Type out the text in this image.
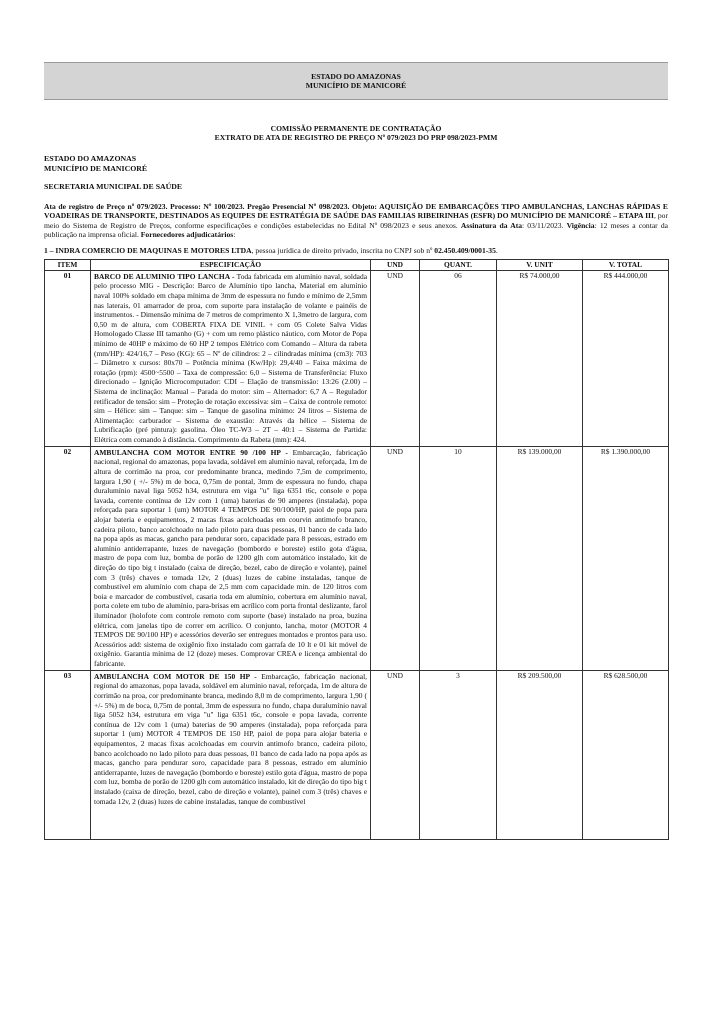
ESTADO DO AMAZONAS
MUNICÍPIO DE MANICORÉ
COMISSÃO PERMANENTE DE CONTRATAÇÃO
EXTRATO DE ATA DE REGISTRO DE PREÇO Nº 079/2023 DO PRP 098/2023-PMM
ESTADO DO AMAZONAS
MUNICÍPIO DE MANICORÉ
SECRETARIA MUNICIPAL DE SAÚDE
Ata de registro de Preço nº 079/2023. Processo: Nº 100/2023. Pregão Presencial Nº 098/2023. Objeto: AQUISIÇÃO DE EMBARCAÇÕES TIPO AMBULANCHAS, LANCHAS RÁPIDAS E VOADEIRAS DE TRANSPORTE, DESTINADOS AS EQUIPES DE ESTRATÉGIA DE SAÚDE DAS FAMILIAS RIBEIRINHAS (ESFR) DO MUNICÍPIO DE MANICORÉ – ETAPA III, por meio do Sistema de Registro de Preços, conforme especificações e condições estabelecidas no Edital Nº 098/2023 e seus anexos. Assinatura da Ata: 03/11/2023. Vigência: 12 meses a contar da publicação na imprensa oficial. Fornecedores adjudicatários:
1 – INDRA COMERCIO DE MAQUINAS E MOTORES LTDA, pessoa jurídica de direito privado, inscrita no CNPJ sob nº 02.450.409/0001-35.
ITEM	ESPECIFICAÇÃO	UND	QUANT.	V. UNIT	V. TOTAL
01	BARCO DE ALUMINIO TIPO LANCHA - Toda fabricada em alumínio naval, soldada pelo processo MIG - Descrição: Barco de Alumínio tipo lancha, Material em alumínio naval 100% soldado em chapa mínima de 3mm de espessura no fundo e mínimo de 2,5mm nas laterais, 01 amarrador de proa, com suporte para instalação de volante e painéis de instrumentos. - Dimensão mínima de 7 metros de comprimento X 1,3metro de largura, com 0,50 m de altura, com COBERTA FIXA DE VINIL + com 05 Colete Salva Vidas Homologado Classe III tamanho (G) + com um remo plástico náutico, com Motor de Popa mínimo de 40HP e máximo de 60 HP 2 tempos Elétrico com Comando – Altura da rabeta (mm/HP): 424/16,7 – Peso (KG): 65 – Nº de cilindros: 2 – cilindradas mínima (cm3): 703 – Diâmetro x cursos: 80x70 – Potência mínima (Kw/Hp): 29,4/40 – Faixa máxima de rotação (rpm): 4500~5500 – Taxa de compressão: 6,0 – Sistema de Transferência: Fluxo direcionado – Ignição Microcomputador: CDI – Elação de transmissão: 13:26 (2.00) – Sistema de inclinação: Manual – Parada do motor: sim – Alternador: 6,7 A – Regulador retificador de tensão: sim – Proteção de rotação excessiva: sim – Caixa de controle remoto: sim – Hélice: sim – Tanque: sim – Tanque de gasolina mínimo: 24 litros – Sistema de Alimentação: carburador – Sistema de exaustão: Através da hélice – Sistema de Lubrificação (pré pintura): gasolina. Óleo TC-W3 – 2T – 40:1 – Sistema de Partida: Elétrica com comando à distância. Comprimento da Rabeta (mm): 424.	UND	06	R$ 74.000,00	R$ 444.000,00
02	AMBULANCHA COM MOTOR ENTRE 90 /100 HP - Embarcação, fabricação nacional, regional do amazonas, popa lavada, soldável em alumínio naval, reforçada, 1m de altura de corrimão na proa, cor predominante branca, medindo 7,5m de comprimento, largura 1,90 ( +/- 5%) m de boca, 0,75m de pontal, 3mm de espessura no fundo, chapa duralumínio naval liga 5052 h34, estrutura em viga "u" liga 6351 t6c, console e popa lavada, corrente contínua de 12v com 1 (uma) baterias de 90 amperes (instalada), popa reforçada para suportar 1 (um) MOTOR 4 TEMPOS DE 90/100/HP, paiol de popa para alojar bateria e equipamentos, 2 macas fixas acolchoadas em courvin antimofo branco, cadeira piloto, banco acolchoado no lado piloto para duas pessoas, 01 banco de cada lado na popa após as macas, gancho para pendurar soro, capacidade para 8 pessoas, estrado em alumínio antiderrapante, luzes de navegação (bombordo e boreste) estilo gota d'água, mastro de popa com luz, bomba de porão de 1200 glh com automático instalado, kit de direção do tipo big t instalado (caixa de direção, bezel, cabo de direção e volante), painel com 3 (três) chaves e tomada 12v, 2 (duas) luzes de cabine instaladas, tanque de combustível em alumínio com chapa de 2,5 mm com capacidade min. de 120 litros com boia e marcador de combustível, casaria toda em alumínio, cobertura em alumínio naval, porta colete em tubo de alumínio, para-brisas em acrílico com porta frontal deslizante, farol iluminador (holofote com controle remoto com suporte (base) instalado na proa, buzina elétrica, com janelas tipo de correr em acrílico. O conjunto, lancha, motor (MOTOR 4 TEMPOS DE 90/100 HP) e acessórios deverão ser entregues montados e prontos para uso. Acessórios add: sistema de oxigênio fixo instalado com garrafa de 10 lt e 01 kit móvel de oxigênio. Garantia mínima de 12 (doze) meses. Comprovar CREA e licença ambiental do fabricante.	UND	10	R$ 139.000,00	R$ 1.390.000,00
03	AMBULANCHA COM MOTOR DE 150 HP - Embarcação, fabricação nacional, regional do amazonas, popa lavada, soldável em alumínio naval, reforçada, 1m de altura de corrimão na proa, cor predominante branca, medindo 8,0 m de comprimento, largura 1,90 ( +/- 5%) m de boca, 0,75m de pontal, 3mm de espessura no fundo, chapa duralumínio naval liga 5052 h34, estrutura em viga "u" liga 6351 t6c, console e popa lavada, corrente contínua de 12v com 1 (uma) baterias de 90 amperes (instalada), popa reforçada para suportar 1 (um) MOTOR 4 TEMPOS DE 150 HP, paiol de popa para alojar bateria e equipamentos, 2 macas fixas acolchoadas em courvin antimofo branco, cadeira piloto, banco acolchoado no lado piloto para duas pessoas, 01 banco de cada lado na popa após as macas, gancho para pendurar soro, capacidade para 8 pessoas, estrado em alumínio antiderrapante, luzes de navegação (bombordo e boreste) estilo gota d'água, mastro de popa com luz, bomba de porão de 1200 glh com automático instalado, kit de direção do tipo big t instalado (caixa de direção, bezel, cabo de direção e volante), painel com 3 (três) chaves e tomada 12v, 2 (duas) luzes de cabine instaladas, tanque de combustível	UND	3	R$ 209.500,00	R$ 628.500,00
